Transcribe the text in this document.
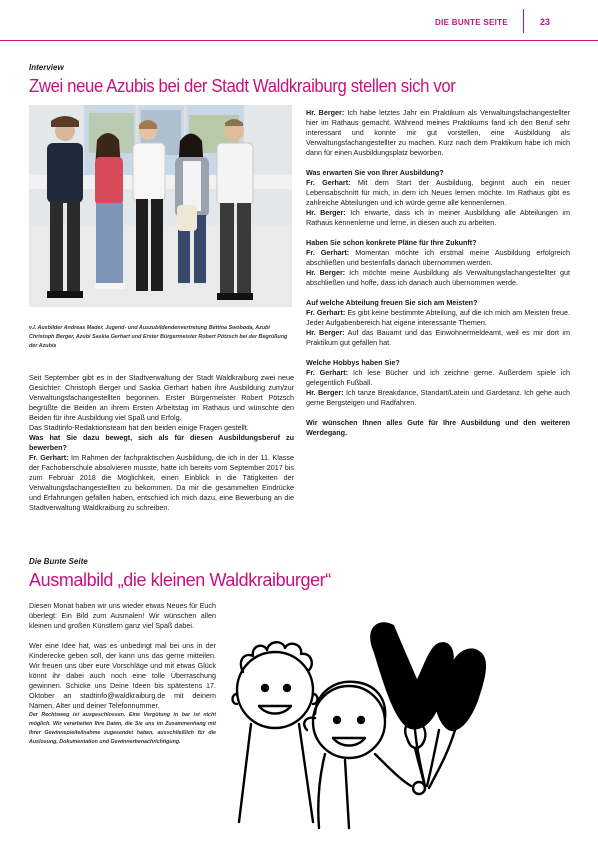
DIE BUNTE SEITE	23
Interview
Zwei neue Azubis bei der Stadt Waldkraiburg stellen sich vor
v.l. Ausbilder Andreas Mader, Jugend- und Auszubildendenvertretung Bettina Swoboda, Azubi Christoph Berger, Azubi Saskia Gerhart und Erster Bürgermeister Robert Pötzsch bei der Begrüßung der Azubis

Seit September gibt es in der Stadtverwaltung der Stadt Waldkraiburg zwei neue Gesichter: Christoph Berger und Saskia Gerhart haben ihre Ausbildung zum/zur Verwaltungsfachangestellten begonnen. Erster Bürgermeister Robert Pötzsch begrüßte die Beiden an ihrem Ersten Arbeitstag im Rathaus und wünschte den Beiden für ihre Ausbildung viel Spaß und Erfolg.

Das Stadtinfo-Redaktionsteam hat den beiden einige Fragen gestellt.

Was hat Sie dazu bewegt, sich als für diesen Ausbildungsberuf zu bewerben?

Fr. Gerhart: Im Rahmen der fachpraktischen Ausbildung, die ich in der 11. Klasse der Fachoberschule absolvieren musste, hatte ich bereits vom September 2017 bis zum Februar 2018 die Möglichkeit, einen Einblick in die Tätigkeiten der Verwaltungsfachangestellten zu bekommen. Da mir die gesammelten Eindrücke und Erfahrungen gefallen haben, entschied ich mich dazu, eine Bewerbung an die Stadtverwaltung Waldkraiburg zu schreiben.

Hr. Berger: Ich habe letztes Jahr ein Praktikum als Verwaltungsfachangestellter hier im Rathaus gemacht. Während meines Praktikums fand ich den Beruf sehr interessant und konnte mir gut vorstellen, eine Ausbildung als Verwaltungsfachangestellter zu machen. Kurz nach dem Praktikum habe ich mich dann für einen Ausbildungsplatz beworben.

Was erwarten Sie von Ihrer Ausbildung?

Fr. Gerhart: Mit dem Start der Ausbildung, beginnt auch ein neuer Lebensabschnitt für mich, in dem ich Neues lernen möchte. Im Rathaus gibt es zahlreiche Abteilungen und ich würde gerne alle kennenlernen.

Hr. Berger: Ich erwarte, dass ich in meiner Ausbildung alle Abteilungen im Rathaus kennenlerne und lerne, in diesen auch zu arbeiten.

Haben Sie schon konkrete Pläne für Ihre Zukunft?

Fr. Gerhart: Momentan möchte ich erstmal meine Ausbildung erfolgreich abschließen und bestenfalls danach übernommen werden.

Hr. Berger: Ich möchte meine Ausbildung als Verwaltungsfachangestellter gut abschließen und hoffe, dass ich danach auch übernommen werde.

Auf welche Abteilung freuen Sie sich am Meisten?

Fr. Gerhart: Es gibt keine bestimmte Abteilung, auf die ich mich am Meisten freue. Jeder Aufgabenbereich hat eigene interessante Themen.

Hr. Berger: Auf das Bauamt und das Einwohnermeldeamt, weil es mir dort im Praktikum gut gefallen hat.

Welche Hobbys haben Sie?

Fr. Gerhart: Ich lese Bücher und ich zeichne gerne. Außerdem spiele ich gelegentlich Fußball.

Hr. Berger: Ich tanze Breakdance, Standart/Latein und Gardetanz. Ich gehe auch gerne Bergsteigen und Radfahren.

Wir wünschen Ihnen alles Gute für Ihre Ausbildung und den weiteren Werdegang.

Die Bunte Seite
Ausmalbild „die kleinen Waldkraiburger“

Diesen Monat haben wir uns wieder etwas Neues für Euch überlegt: Ein Bild zum Ausmalen! Wir wünschen allen kleinen und großen Künstlern ganz viel Spaß dabei.

Wer eine Idee hat, was es unbedingt mal bei uns in der Kinderecke geben soll, der kann uns das gerne mitteilen. Wir freuen uns über eure Vorschläge und mit etwas Glück könnt ihr dabei auch noch eine tolle Überraschung gewinnen. Schicke uns Deine Ideen bis spätestens 17. Oktober an stadtinfo@waldkraiburg.de mit deinem Namen, Alter und deiner Telefonnummer.

Der Rechtsweg ist ausgeschlossen. Eine Vergütung in bar ist nicht möglich. Wir verarbeiten Ihre Daten, die Sie uns im Zusammenhang mit Ihrer Gewinnspielteilnahme zugesendet haben, ausschließlich für die Auslosung, Dokumentation und Gewinnerbenachrichtigung.
